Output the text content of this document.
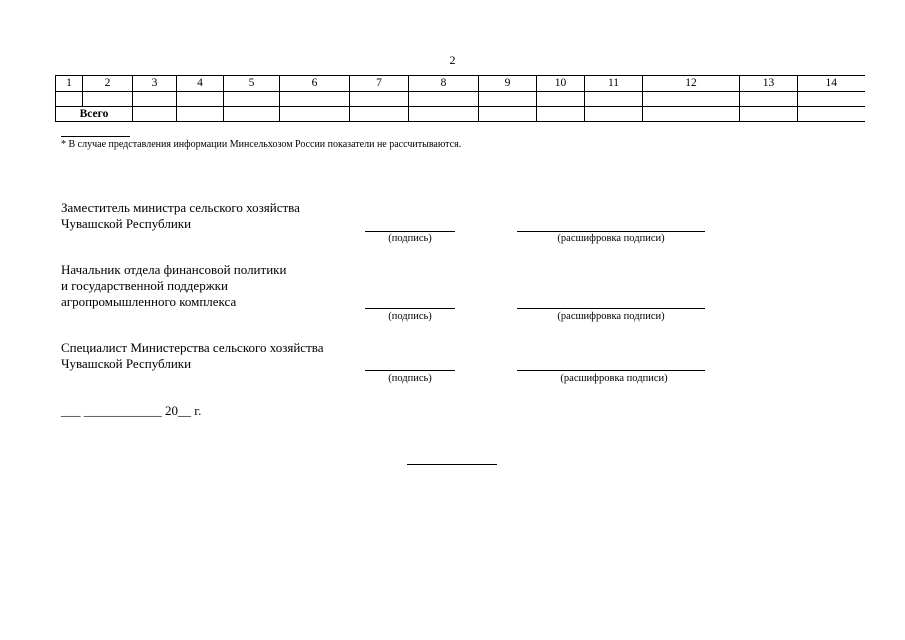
2
1	2	3	4	5	6	7	8	9	10	11	12	13	14

Всего													
* В случае представления информации Минсельхозом России показатели не рассчитываются.
Заместитель министра сельского хозяйства
Чувашской Республики
(подпись)	(расшифровка подписи)
Начальник отдела финансовой политики
и государственной поддержки
агропромышленного комплекса
(подпись)	(расшифровка подписи)
Специалист Министерства сельского хозяйства
Чувашской Республики
(подпись)	(расшифровка подписи)
___ ____________ 20__ г.
